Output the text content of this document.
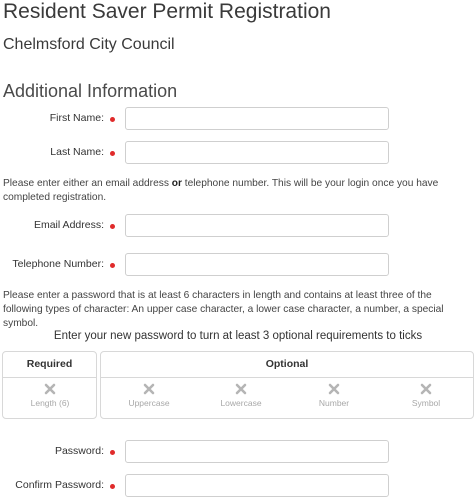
Resident Saver Permit Registration
Chelmsford City Council
Additional Information
First Name:
Last Name:
Please enter either an email address or telephone number. This will be your login once you have completed registration.
Email Address:
Telephone Number:
Please enter a password that is at least 6 characters in length and contains at least three of the following types of character: An upper case character, a lower case character, a number, a special symbol.
Enter your new password to turn at least 3 optional requirements to ticks
Required
Length (6)
Optional
Uppercase	Lowercase	Number	Symbol
Password:
Confirm Password:
